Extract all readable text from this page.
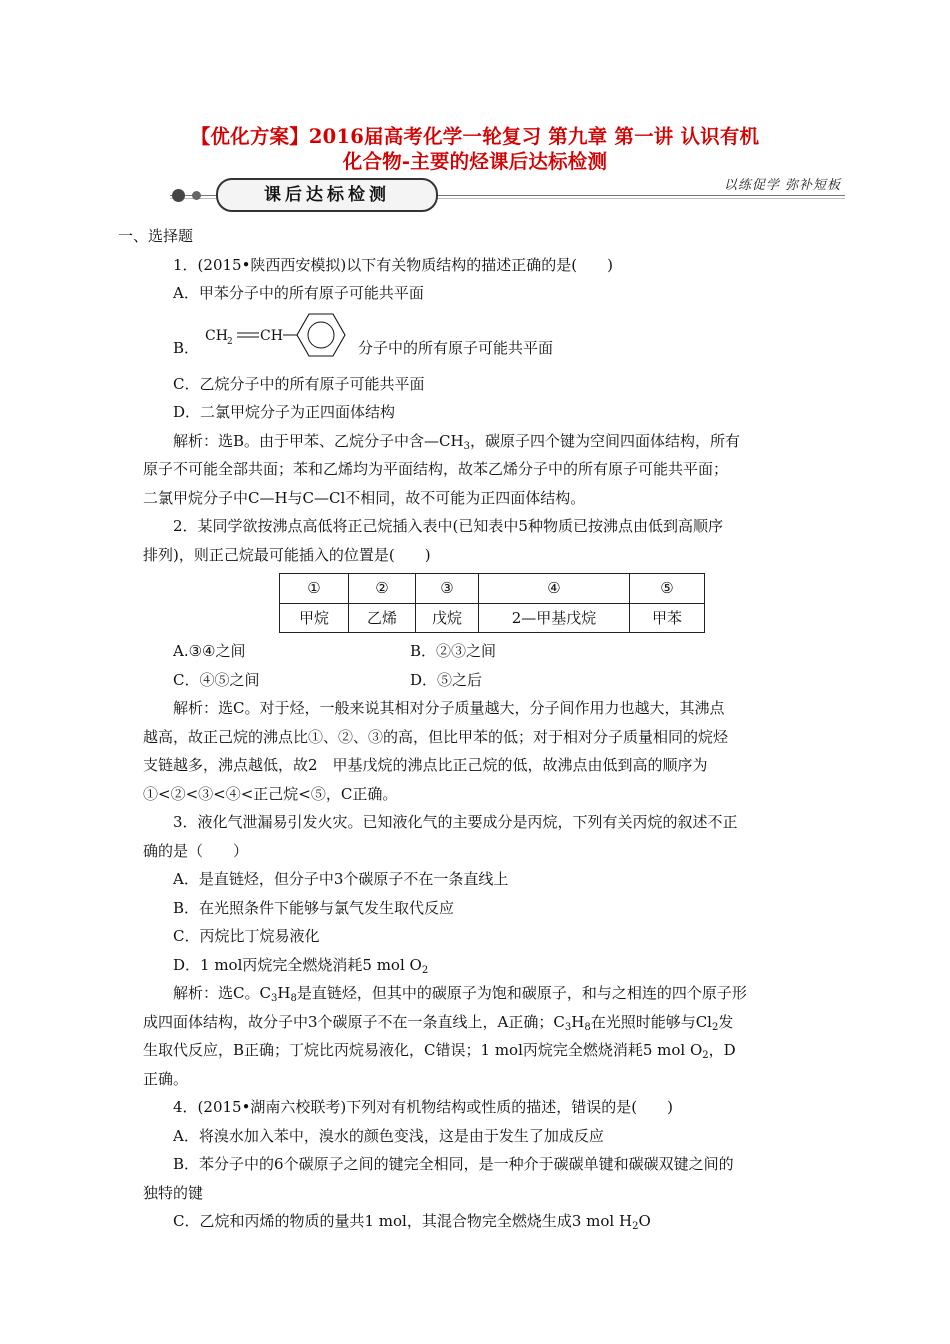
【优化方案】2016届高考化学一轮复习 第九章 第一讲 认识有机
化合物-主要的烃课后达标检测
课后达标检测	以练促学 弥补短板

一、选择题

1．(2015•陕西西安模拟)以下有关物质结构的描述正确的是(　　)

A．甲苯分子中的所有原子可能共平面

B．
CH 2 CH
分子中的所有原子可能共平面

C．乙烷分子中的所有原子可能共平面

D．二氯甲烷分子为正四面体结构

解析：选B。由于甲苯、乙烷分子中含$—CH_3$，碳原子四个键为空间四面体结构，所有

原子不可能全部共面；苯和乙烯均为平面结构，故苯乙烯分子中的所有原子可能共平面；

二氯甲烷分子中C—H与C—Cl不相同，故不可能为正四面体结构。

2．某同学欲按沸点高低将正己烷插入表中(已知表中5种物质已按沸点由低到高顺序

排列)，则正己烷最可能插入的位置是(　　)

①	②	③	④	⑤
甲烷	乙烯	戊烷	2—甲基戊烷	甲苯
A.③④之间	B．②③之间
C．④⑤之间	D．⑤之后

解析：选C。对于烃，一般来说其相对分子质量越大，分子间作用力也越大，其沸点

越高，故正己烷的沸点比①、②、③的高，但比甲苯的低；对于相对分子质量相同的烷烃

支链越多，沸点越低，故2　甲基戊烷的沸点比正己烷的低，故沸点由低到高的顺序为

①<②<③<④<正己烷<⑤，C正确。

3．液化气泄漏易引发火灾。已知液化气的主要成分是丙烷，下列有关丙烷的叙述不正

确的是（　　）

A．是直链烃，但分子中3个碳原子不在一条直线上

B．在光照条件下能够与氯气发生取代反应

C．丙烷比丁烷易液化

D．1 mol丙烷完全燃烧消耗5 mol $O_2$

解析：选C。$C_3H_8$是直链烃，但其中的碳原子为饱和碳原子，和与之相连的四个原子形

成四面体结构，故分子中3个碳原子不在一条直线上，A正确；$C_3H_8$在光照时能够与$Cl_2$发

生取代反应，B正确；丁烷比丙烷易液化，C错误；1 mol丙烷完全燃烧消耗5 mol $O_2$，D

正确。

4．(2015•湖南六校联考)下列对有机物结构或性质的描述，错误的是(　　)

A．将溴水加入苯中，溴水的颜色变浅，这是由于发生了加成反应

B．苯分子中的6个碳原子之间的键完全相同，是一种介于碳碳单键和碳碳双键之间的

独特的键

C．乙烷和丙烯的物质的量共1 mol，其混合物完全燃烧生成3 mol $H_2O$
